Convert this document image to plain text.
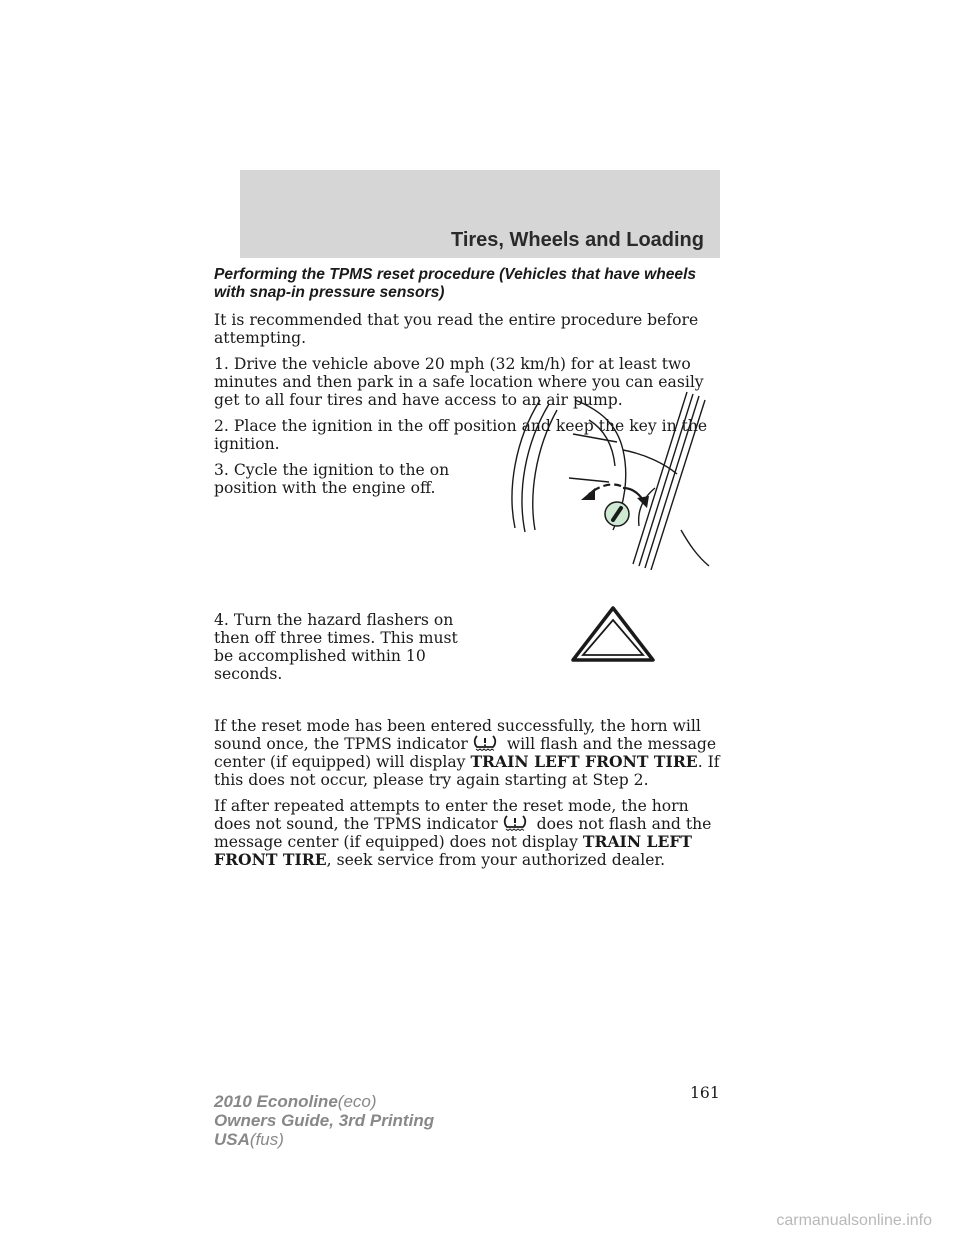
Tires, Wheels and Loading
Performing the TPMS reset procedure (Vehicles that have wheels
with snap-in pressure sensors)

It is recommended that you read the entire procedure before attempting.

1. Drive the vehicle above 20 mph (32 km/h) for at least two minutes and then park in a safe location where you can easily get to all four tires and have access to an air pump.

2. Place the ignition in the off position and keep the key in the ignition.

3. Cycle the ignition to the on position with the engine off.

4. Turn the hazard flashers on then off three times. This must be accomplished within 10 seconds.

If the reset mode has been entered successfully, the horn will sound once, the TPMS indicator
will flash and the message center (if equipped) will display TRAIN LEFT FRONT TIRE. If this does not occur, please try again starting at Step 2.

If after repeated attempts to enter the reset mode, the horn does not sound, the TPMS indicator
does not flash and the message center (if equipped) does not display TRAIN LEFT FRONT TIRE, seek service from your authorized dealer.

161
2010 Econoline(eco)
Owners Guide, 3rd Printing
USA(fus)
carmanualsonline.info
